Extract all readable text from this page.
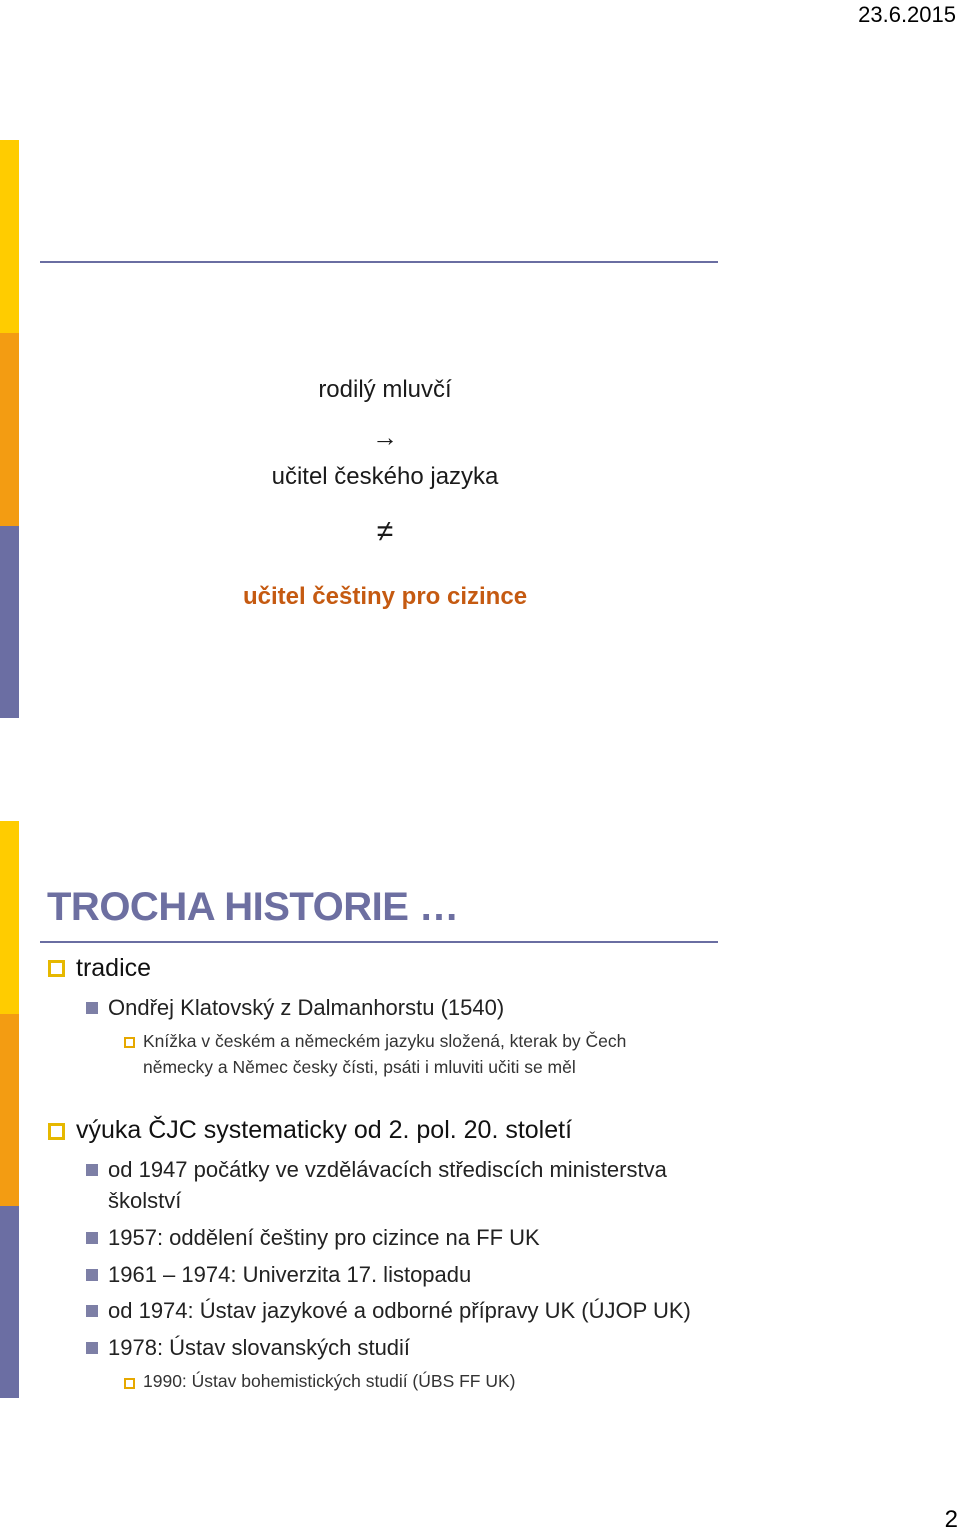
23.6.2015
2
rodilý mluvčí
→
učitel českého jazyka
≠
učitel češtiny pro cizince
TROCHA HISTORIE …
tradice
Ondřej Klatovský z Dalmanhorstu (1540)
Knížka v českém a německém jazyku složená, kterak by Čech německy a Němec česky čísti, psáti i mluviti učiti se měl
výuka ČJC systematicky od 2. pol. 20. století
od 1947 počátky ve vzdělávacích střediscích ministerstva školství
1957: oddělení češtiny pro cizince na FF UK
1961 – 1974: Univerzita 17. listopadu
od 1974: Ústav jazykové a odborné přípravy UK (ÚJOP UK)
1978: Ústav slovanských studií
1990: Ústav bohemistických studií (ÚBS FF UK)
